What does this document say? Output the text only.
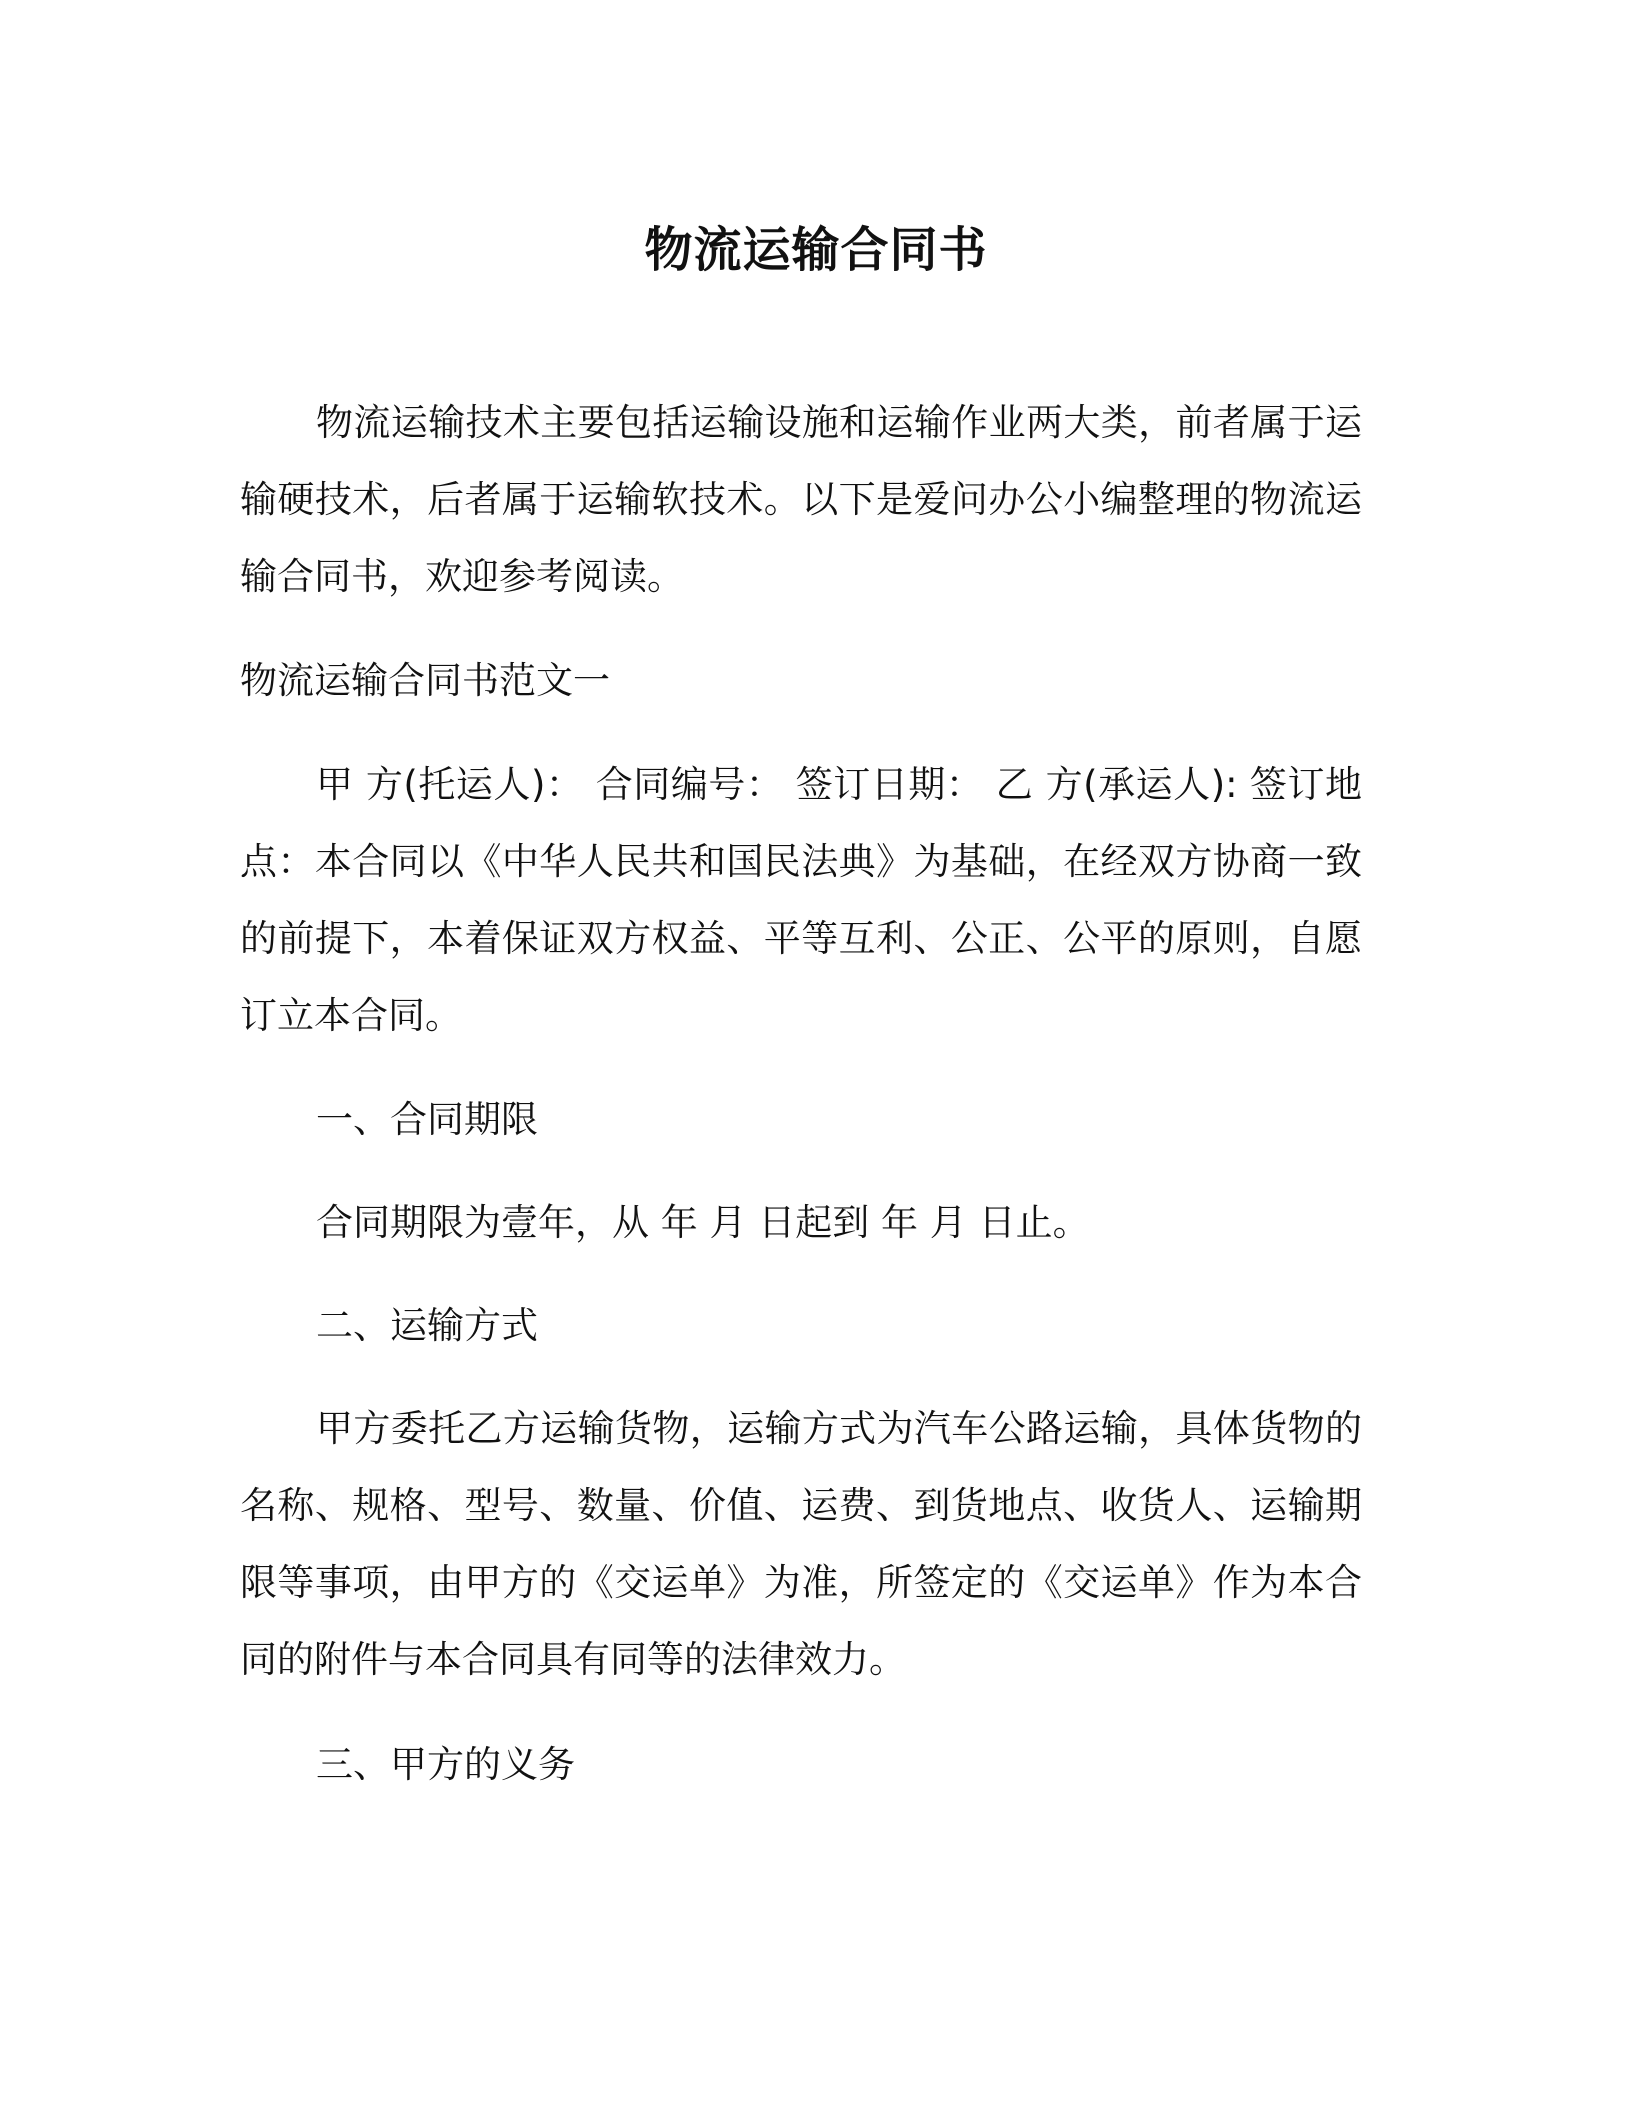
物流运输合同书
物流运输技术主要包括运输设施和运输作业两大类，前者属于运输硬技术，后者属于运输软技术。以下是爱问办公小编整理的物流运输合同书，欢迎参考阅读。
物流运输合同书范文一
甲 方(托运人)： 合同编号： 签订日期： 乙 方(承运人): 签订地点：本合同以《中华人民共和国民法典》为基础，在经双方协商一致的前提下，本着保证双方权益、平等互利、公正、公平的原则，自愿订立本合同。
一、合同期限
合同期限为壹年，从 年 月 日起到 年 月 日止。
二、运输方式
甲方委托乙方运输货物，运输方式为汽车公路运输，具体货物的名称、规格、型号、数量、价值、运费、到货地点、收货人、运输期限等事项，由甲方的《交运单》为准，所签定的《交运单》作为本合同的附件与本合同具有同等的法律效力。
三、甲方的义务
